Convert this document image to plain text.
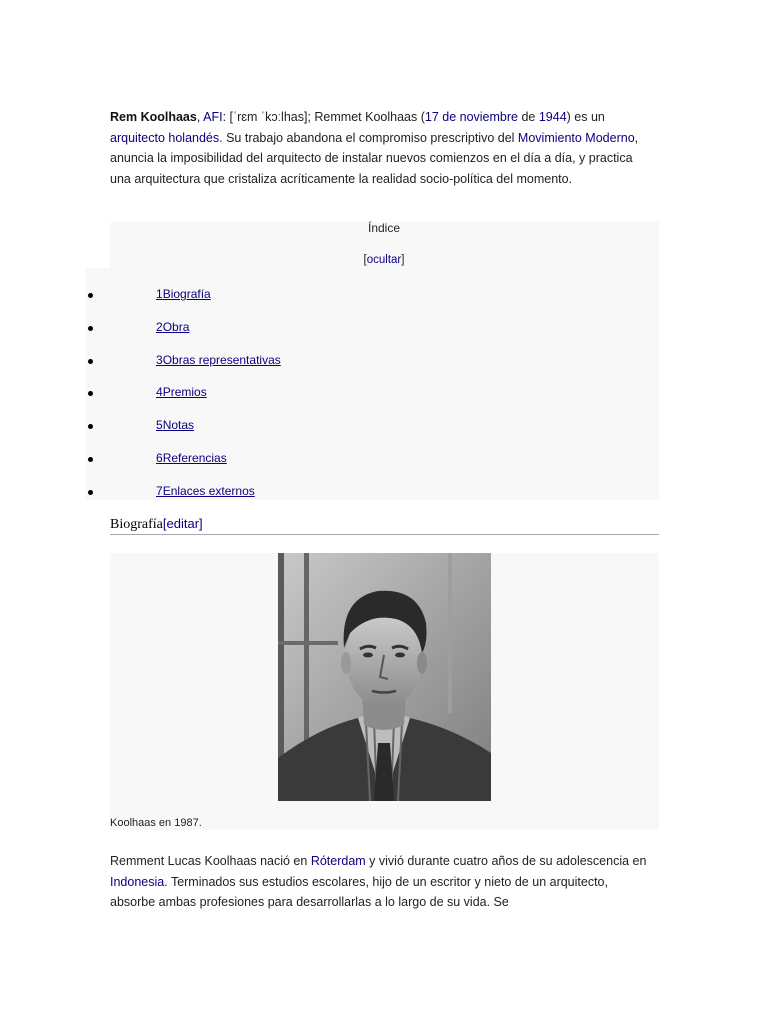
Rem Koolhaas, AFI: [ˈrɛm ˈkɔːlhas]; Remmet Koolhaas (17 de noviembre de 1944) es un arquitecto holandés. Su trabajo abandona el compromiso prescriptivo del Movimiento Moderno, anuncia la imposibilidad del arquitecto de instalar nuevos comienzos en el día a día, y practica una arquitectura que cristaliza acríticamente la realidad socio-política del momento.
Índice
[ocultar]
1Biografía
2Obra
3Obras representativas
4Premios
5Notas
6Referencias
7Enlaces externos
Biografía[editar]
Koolhaas en 1987.
Remment Lucas Koolhaas nació en Róterdam y vivió durante cuatro años de su adolescencia en Indonesia. Terminados sus estudios escolares, hijo de un escritor y nieto de un arquitecto, absorbe ambas profesiones para desarrollarlas a lo largo de su vida. Se
